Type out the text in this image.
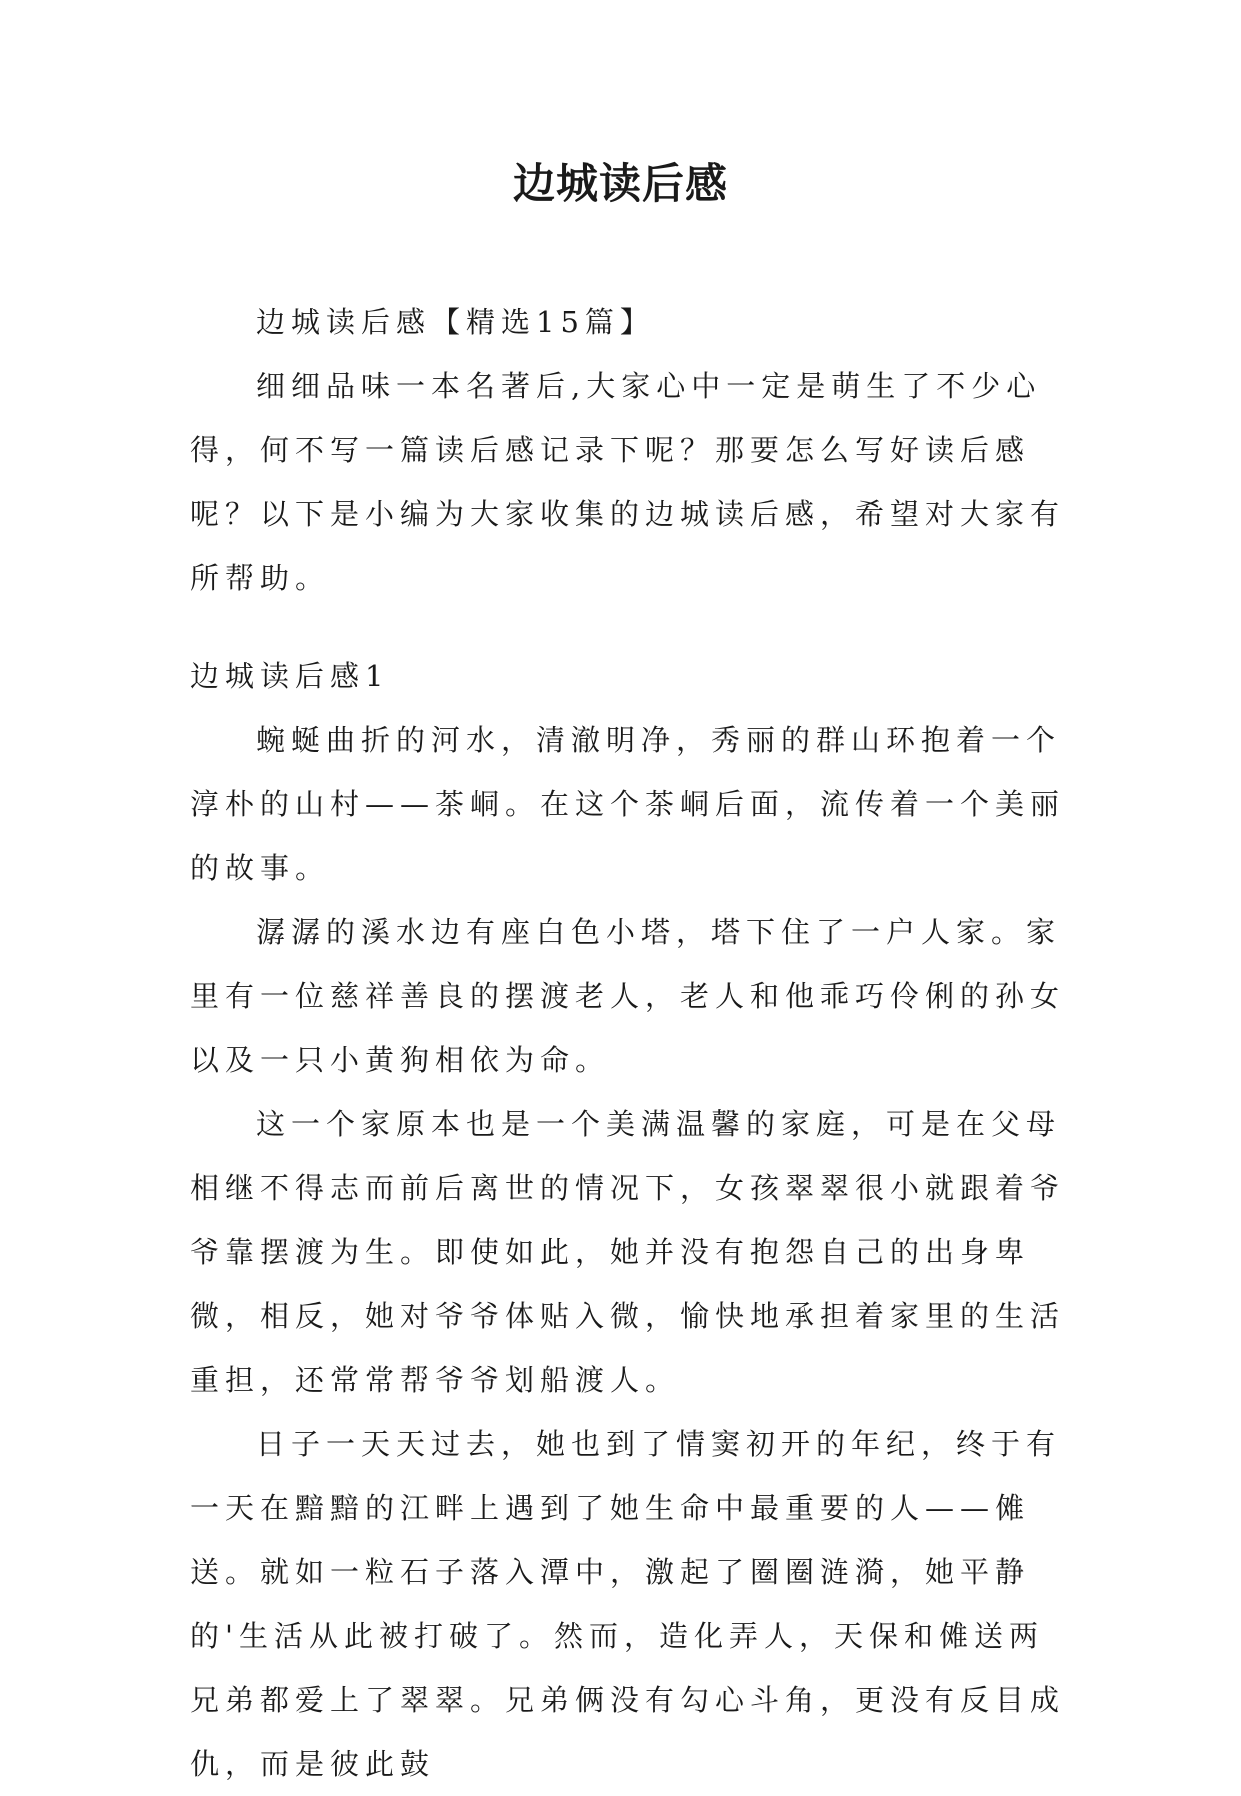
边城读后感

边城读后感【精选15篇】

细细品味一本名著后,大家心中一定是萌生了不少心得，何不写一篇读后感记录下呢？那要怎么写好读后感呢？以下是小编为大家收集的边城读后感，希望对大家有所帮助。

边城读后感1

蜿蜒曲折的河水，清澈明净，秀丽的群山环抱着一个淳朴的山村——茶峒。在这个茶峒后面，流传着一个美丽的故事。

潺潺的溪水边有座白色小塔，塔下住了一户人家。家里有一位慈祥善良的摆渡老人，老人和他乖巧伶俐的孙女以及一只小黄狗相依为命。

这一个家原本也是一个美满温馨的家庭，可是在父母相继不得志而前后离世的情况下，女孩翠翠很小就跟着爷爷靠摆渡为生。即使如此，她并没有抱怨自己的出身卑微，相反，她对爷爷体贴入微，愉快地承担着家里的生活重担，还常常帮爷爷划船渡人。

日子一天天过去，她也到了情窦初开的年纪，终于有一天在黯黯的江畔上遇到了她生命中最重要的人——傩送。就如一粒石子落入潭中，激起了圈圈涟漪，她平静的'生活从此被打破了。然而，造化弄人，天保和傩送两兄弟都爱上了翠翠。兄弟俩没有勾心斗角，更没有反目成仇，而是彼此鼓
